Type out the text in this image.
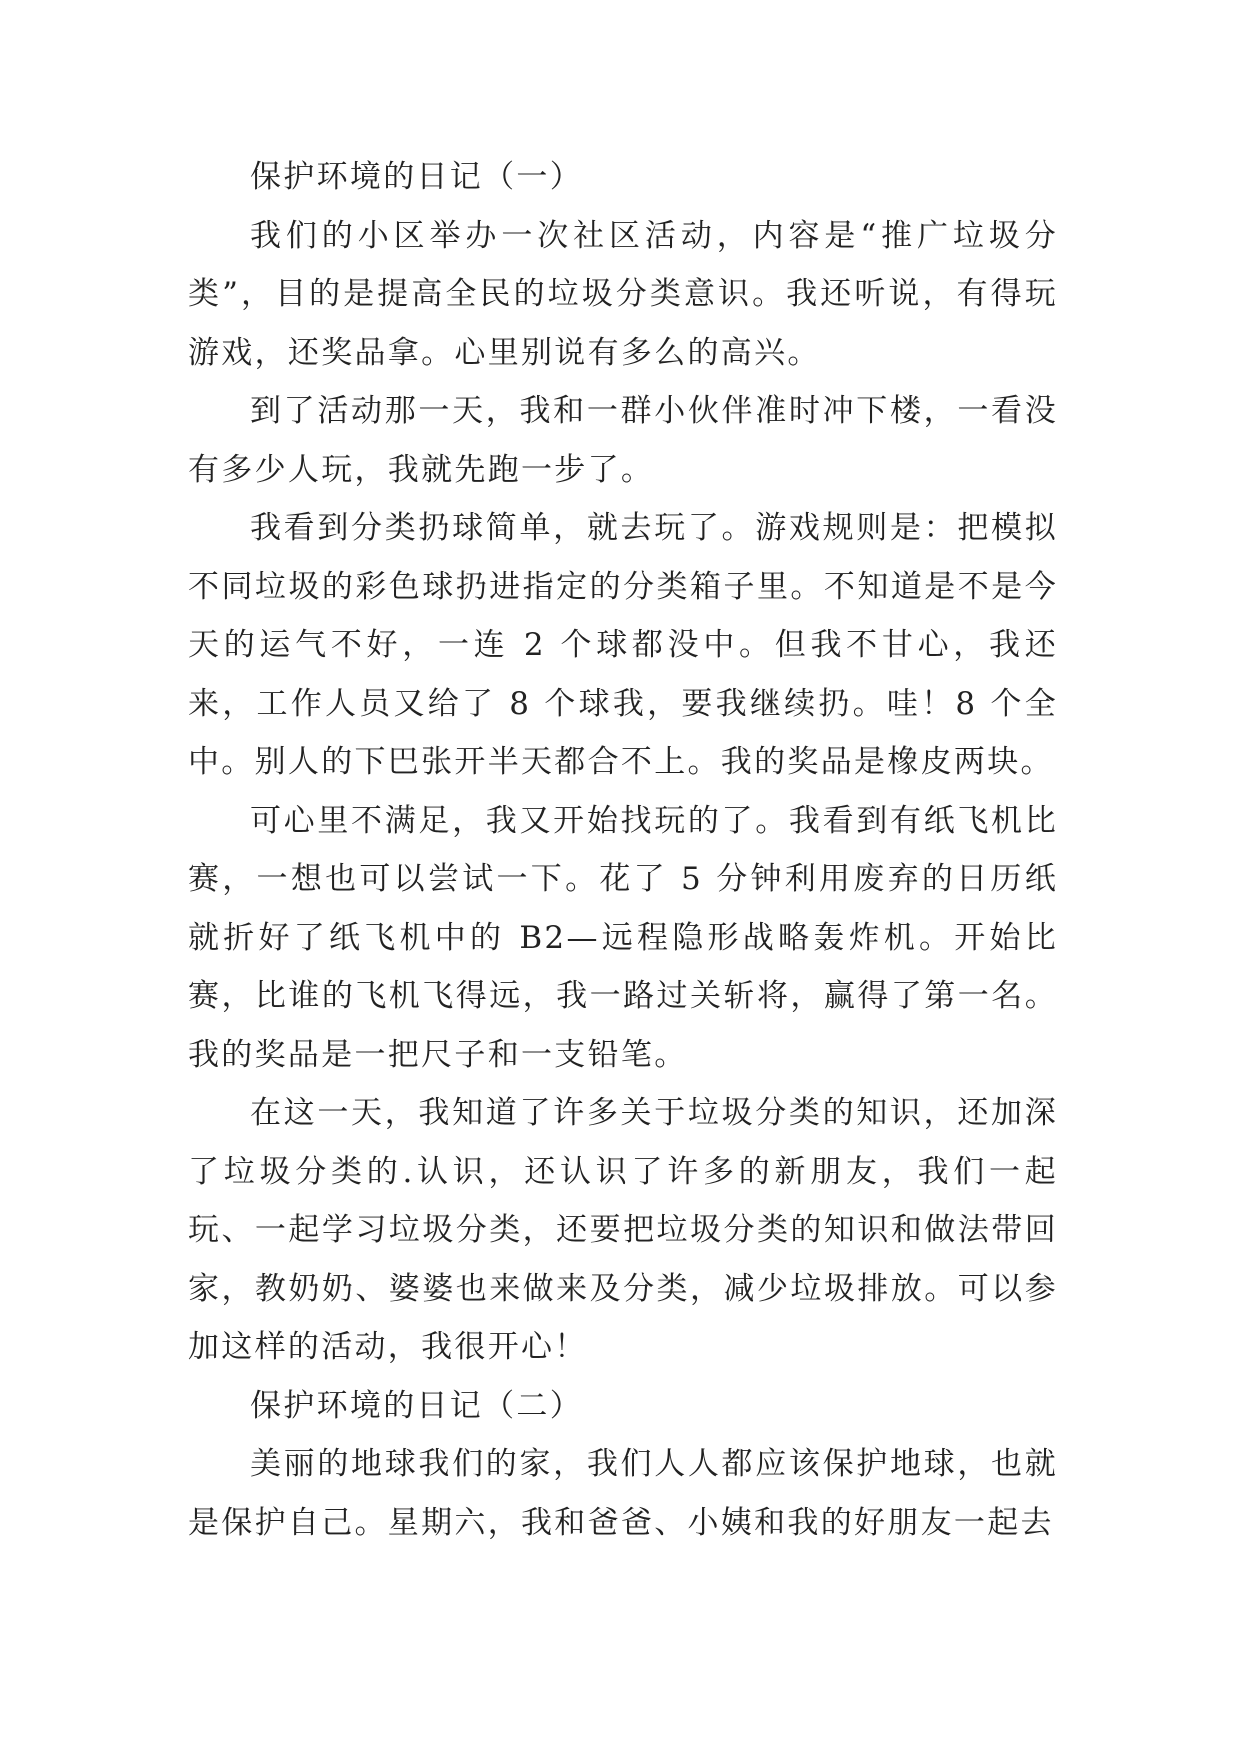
保护环境的日记（一）

我们的小区举办一次社区活动，内容是“推广垃圾分类”，目的是提高全民的垃圾分类意识。我还听说，有得玩游戏，还奖品拿。心里别说有多么的高兴。

到了活动那一天，我和一群小伙伴准时冲下楼，一看没有多少人玩，我就先跑一步了。

我看到分类扔球简单，就去玩了。游戏规则是：把模拟不同垃圾的彩色球扔进指定的分类箱子里。不知道是不是今天的运气不好，一连 2 个球都没中。但我不甘心，我还来，工作人员又给了 8 个球我，要我继续扔。哇！8 个全中。别人的下巴张开半天都合不上。我的奖品是橡皮两块。

可心里不满足，我又开始找玩的了。我看到有纸飞机比赛，一想也可以尝试一下。花了 5 分钟利用废弃的日历纸就折好了纸飞机中的 B2—远程隐形战略轰炸机。开始比赛，比谁的飞机飞得远，我一路过关斩将，赢得了第一名。我的奖品是一把尺子和一支铅笔。

在这一天，我知道了许多关于垃圾分类的知识，还加深了垃圾分类的.认识，还认识了许多的新朋友，我们一起玩、一起学习垃圾分类，还要把垃圾分类的知识和做法带回家，教奶奶、婆婆也来做来及分类，减少垃圾排放。可以参加这样的活动，我很开心！

保护环境的日记（二）

美丽的地球我们的家，我们人人都应该保护地球，也就是保护自己。星期六，我和爸爸、小姨和我的好朋友一起去
